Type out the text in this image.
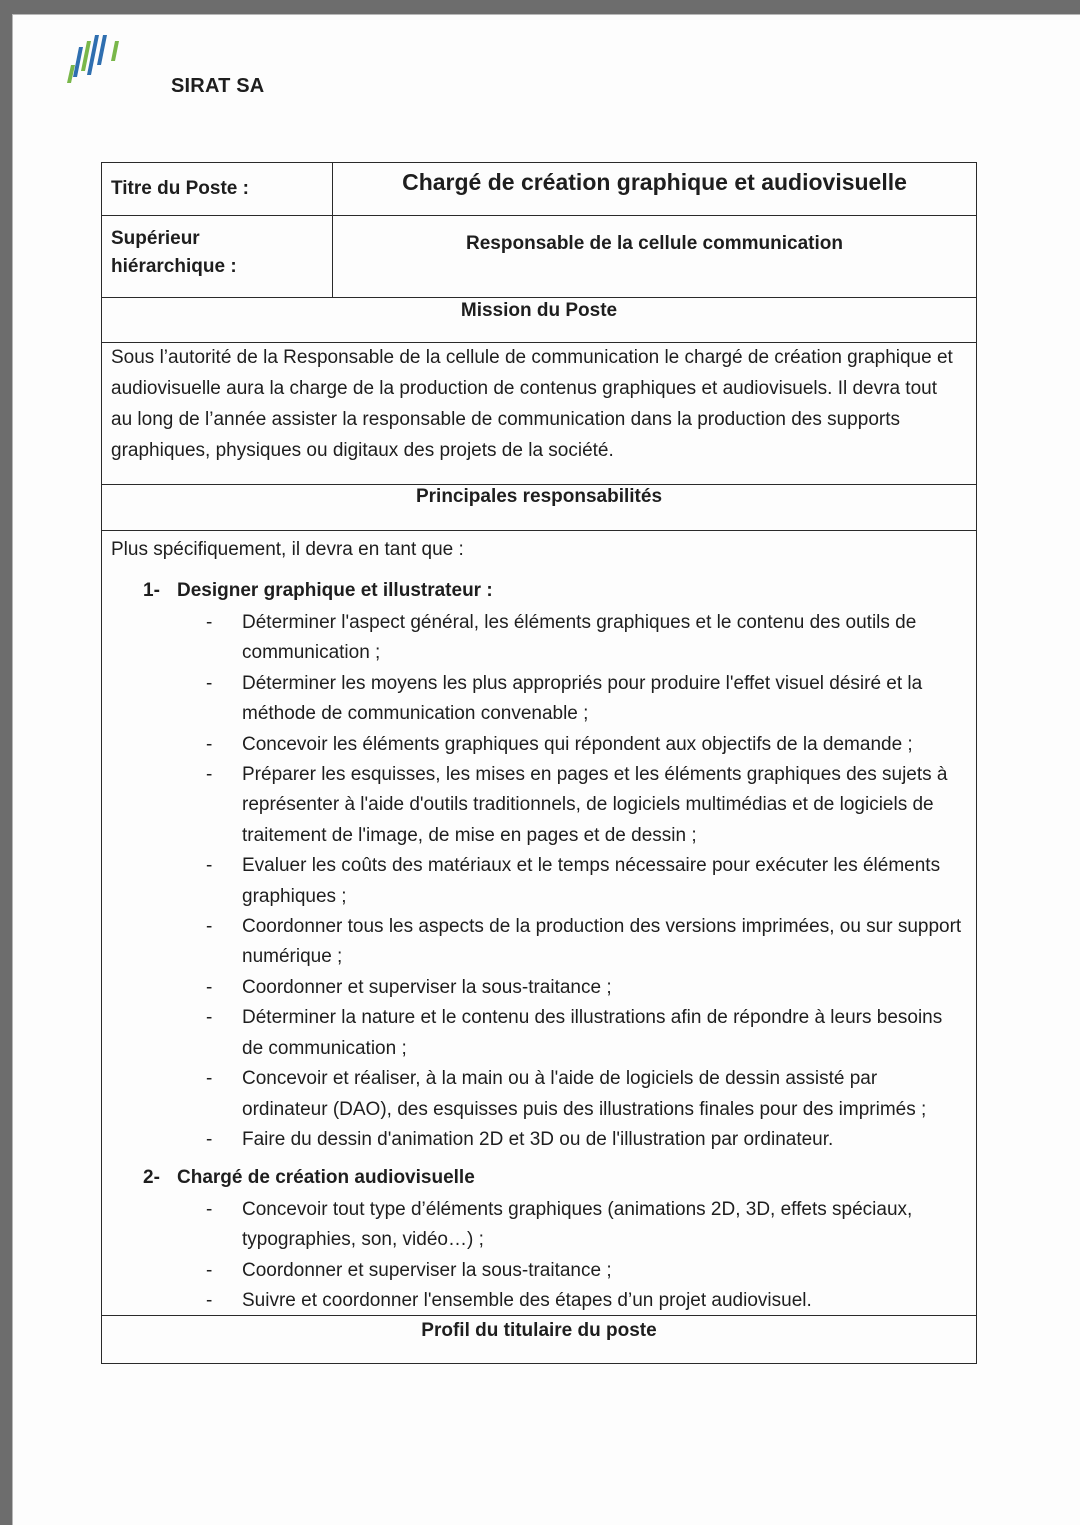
SIRAT SA
Titre du Poste :	Chargé de création graphique et audiovisuelle
Supérieur
hiérarchique :
Responsable de la cellule communication
Mission du Poste

Sous l’autorité de la Responsable de la cellule de communication le chargé de création graphique et audiovisuelle aura la charge de la production de contenus graphiques et audiovisuels. Il devra tout au long de l’année assister la responsable de communication dans la production des supports graphiques, physiques ou digitaux des projets de la société.

Principales responsabilités
Plus spécifiquement, il devra en tant que :
1- Designer graphique et illustrateur :
- Déterminer l'aspect général, les éléments graphiques et le contenu des outils de communication ;
- Déterminer les moyens les plus appropriés pour produire l'effet visuel désiré et la méthode de communication convenable ;
- Concevoir les éléments graphiques qui répondent aux objectifs de la demande ;
- Préparer les esquisses, les mises en pages et les éléments graphiques des sujets à représenter à l'aide d'outils traditionnels, de logiciels multimédias et de logiciels de traitement de l'image, de mise en pages et de dessin ;
- Evaluer les coûts des matériaux et le temps nécessaire pour exécuter les éléments graphiques ;
- Coordonner tous les aspects de la production des versions imprimées, ou sur support numérique ;
- Coordonner et superviser la sous-traitance ;
- Déterminer la nature et le contenu des illustrations afin de répondre à leurs besoins de communication ;
- Concevoir et réaliser, à la main ou à l'aide de logiciels de dessin assisté par ordinateur (DAO), des esquisses puis des illustrations finales pour des imprimés ;
- Faire du dessin d'animation 2D et 3D ou de l'illustration par ordinateur.
2- Chargé de création audiovisuelle
- Concevoir tout type d’éléments graphiques (animations 2D, 3D, effets spéciaux, typographies, son, vidéo…) ;
- Coordonner et superviser la sous-traitance ;
- Suivre et coordonner l'ensemble des étapes d’un projet audiovisuel.
Profil du titulaire du poste
